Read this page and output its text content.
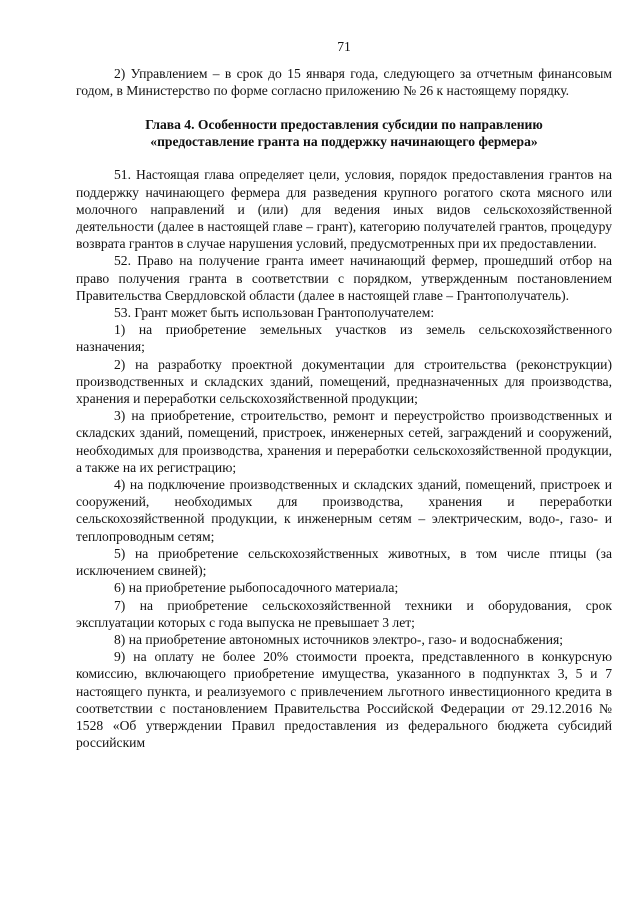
71

2) Управлением – в срок до 15 января года, следующего за отчетным финансовым годом, в Министерство по форме согласно приложению № 26 к настоящему порядку.

Глава 4. Особенности предоставления субсидии по направлению
«предоставление гранта на поддержку начинающего фермера»

51. Настоящая глава определяет цели, условия, порядок предоставления грантов на поддержку начинающего фермера для разведения крупного рогатого скота мясного или молочного направлений и (или) для ведения иных видов сельскохозяйственной деятельности (далее в настоящей главе – грант), категорию получателей грантов, процедуру возврата грантов в случае нарушения условий, предусмотренных при их предоставлении.

52. Право на получение гранта имеет начинающий фермер, прошедший отбор на право получения гранта в соответствии с порядком, утвержденным постановлением Правительства Свердловской области (далее в настоящей главе – Грантополучатель).

53. Грант может быть использован Грантополучателем:

1) на приобретение земельных участков из земель сельскохозяйственного назначения;

2) на разработку проектной документации для строительства (реконструкции) производственных и складских зданий, помещений, предназначенных для производства, хранения и переработки сельскохозяйственной продукции;

3) на приобретение, строительство, ремонт и переустройство производственных и складских зданий, помещений, пристроек, инженерных сетей, заграждений и сооружений, необходимых для производства, хранения и переработки сельскохозяйственной продукции, а также на их регистрацию;

4) на подключение производственных и складских зданий, помещений, пристроек и сооружений, необходимых для производства, хранения и переработки сельскохозяйственной продукции, к инженерным сетям – электрическим, водо-, газо- и теплопроводным сетям;

5) на приобретение сельскохозяйственных животных, в том числе птицы (за исключением свиней);

6) на приобретение рыбопосадочного материала;

7) на приобретение сельскохозяйственной техники и оборудования, срок эксплуатации которых с года выпуска не превышает 3 лет;

8) на приобретение автономных источников электро-, газо- и водоснабжения;

9) на оплату не более 20% стоимости проекта, представленного в конкурсную комиссию, включающего приобретение имущества, указанного в подпунктах 3, 5 и 7 настоящего пункта, и реализуемого с привлечением льготного инвестиционного кредита в соответствии с постановлением Правительства Российской Федерации от 29.12.2016 № 1528 «Об утверждении Правил предоставления из федерального бюджета субсидий российским
